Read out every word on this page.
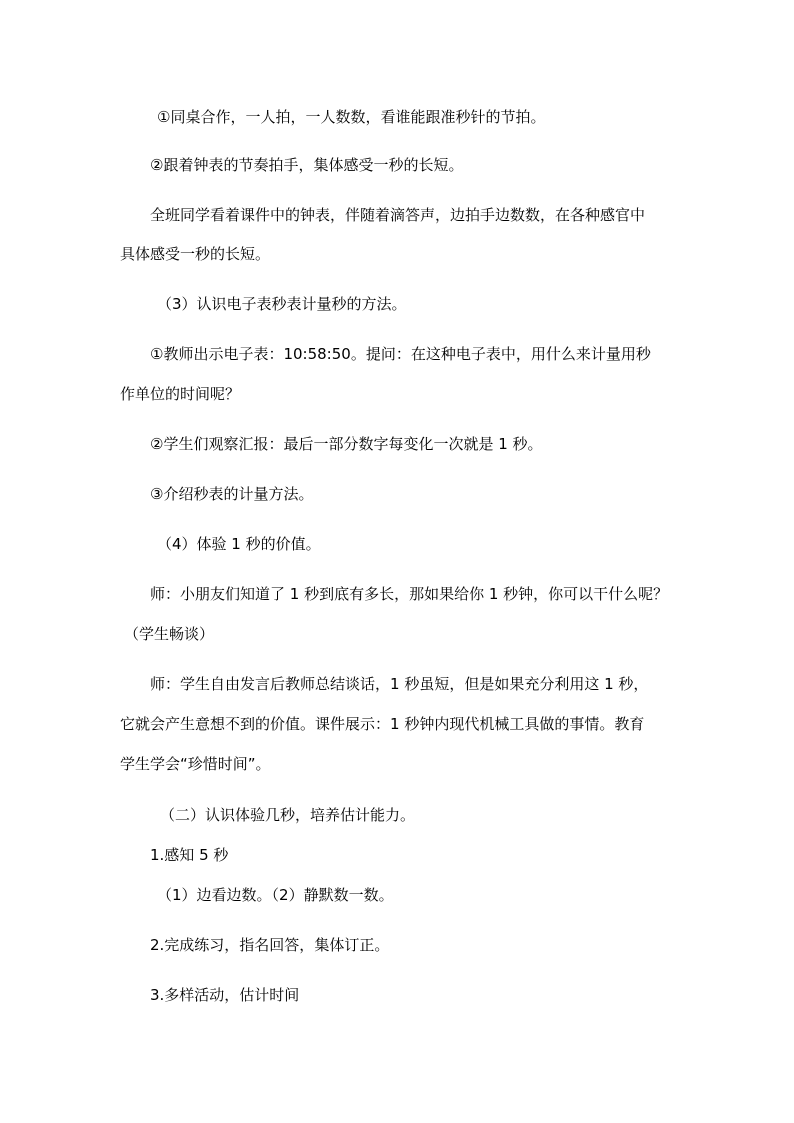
①同桌合作，一人拍，一人数数，看谁能跟准秒针的节拍。
②跟着钟表的节奏拍手，集体感受一秒的长短。
全班同学看着课件中的钟表，伴随着滴答声，边拍手边数数，在各种感官中
具体感受一秒的长短。
（3）认识电子表秒表计量秒的方法。
①教师出示电子表：10:58:50。提问：在这种电子表中，用什么来计量用秒
作单位的时间呢？
②学生们观察汇报：最后一部分数字每变化一次就是 1 秒。
③介绍秒表的计量方法。
（4）体验 1 秒的价值。
师：小朋友们知道了 1 秒到底有多长，那如果给你 1 秒钟，你可以干什么呢？
（学生畅谈）
师：学生自由发言后教师总结谈话，1 秒虽短，但是如果充分利用这 1 秒，
它就会产生意想不到的价值。课件展示：1 秒钟内现代机械工具做的事情。教育
学生学会“珍惜时间”。
（二）认识体验几秒，培养估计能力。
1.感知 5 秒
（1）边看边数。（2）静默数一数。
2.完成练习，指名回答，集体订正。
3.多样活动，估计时间
